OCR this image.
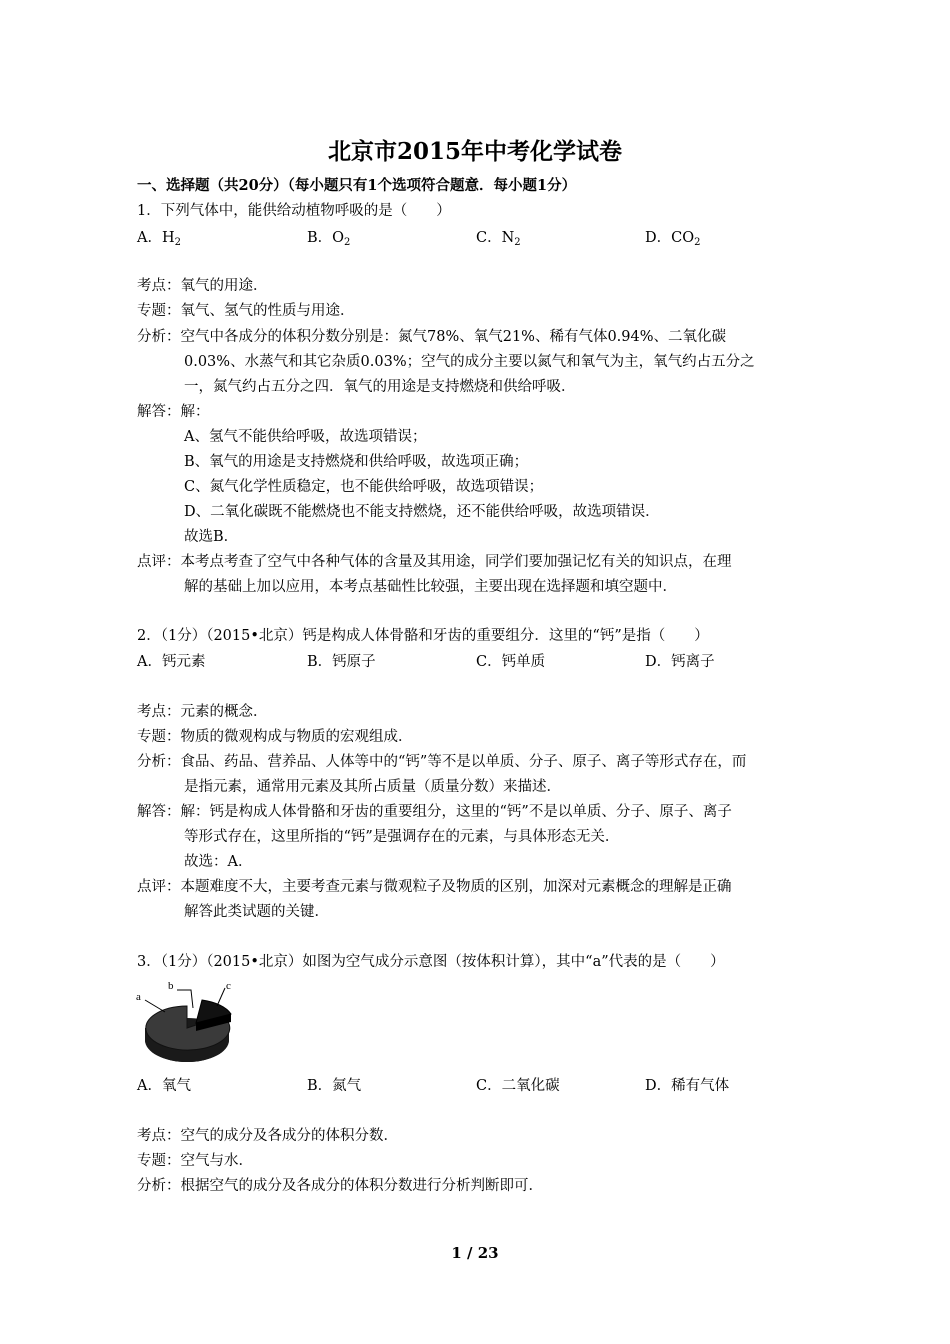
北京市2015年中考化学试卷
一、选择题（共20分）（每小题只有1个选项符合题意．每小题1分）
1．下列气体中，能供给动植物呼吸的是（　　）
A．$H_2$	B．$O_2$	C．$N_2$	D．$CO_2$
考点：氧气的用途．
专题：氧气、氢气的性质与用途．
分析：空气中各成分的体积分数分别是：氮气78%、氧气21%、稀有气体0.94%、二氧化碳
0.03%、水蒸气和其它杂质0.03%；空气的成分主要以氮气和氧气为主，氧气约占五分之
一，氮气约占五分之四．氧气的用途是支持燃烧和供给呼吸．
解答：解：
A、氢气不能供给呼吸，故选项错误；
B、氧气的用途是支持燃烧和供给呼吸，故选项正确；
C、氮气化学性质稳定，也不能供给呼吸，故选项错误；
D、二氧化碳既不能燃烧也不能支持燃烧，还不能供给呼吸，故选项错误．
故选B．
点评：本考点考查了空气中各种气体的含量及其用途，同学们要加强记忆有关的知识点，在理
解的基础上加以应用，本考点基础性比较强，主要出现在选择题和填空题中．
2．（1分）（2015•北京）钙是构成人体骨骼和牙齿的重要组分．这里的“钙”是指（　　）
A．钙元素	B．钙原子	C．钙单质	D．钙离子
考点：元素的概念．
专题：物质的微观构成与物质的宏观组成．
分析：食品、药品、营养品、人体等中的“钙”等不是以单质、分子、原子、离子等形式存在，而
是指元素，通常用元素及其所占质量（质量分数）来描述．
解答：解：钙是构成人体骨骼和牙齿的重要组分，这里的“钙”不是以单质、分子、原子、离子
等形式存在，这里所指的“钙”是强调存在的元素，与具体形态无关．
故选：A．
点评：本题难度不大，主要考查元素与微观粒子及物质的区别，加深对元素概念的理解是正确
解答此类试题的关键．
3．（1分）（2015•北京）如图为空气成分示意图（按体积计算），其中“a”代表的是（　　）
a
b	c
A．氧气	B．氮气	C．二氧化碳	D．稀有气体
考点：空气的成分及各成分的体积分数．
专题：空气与水．
分析：根据空气的成分及各成分的体积分数进行分析判断即可．
1 / 23
